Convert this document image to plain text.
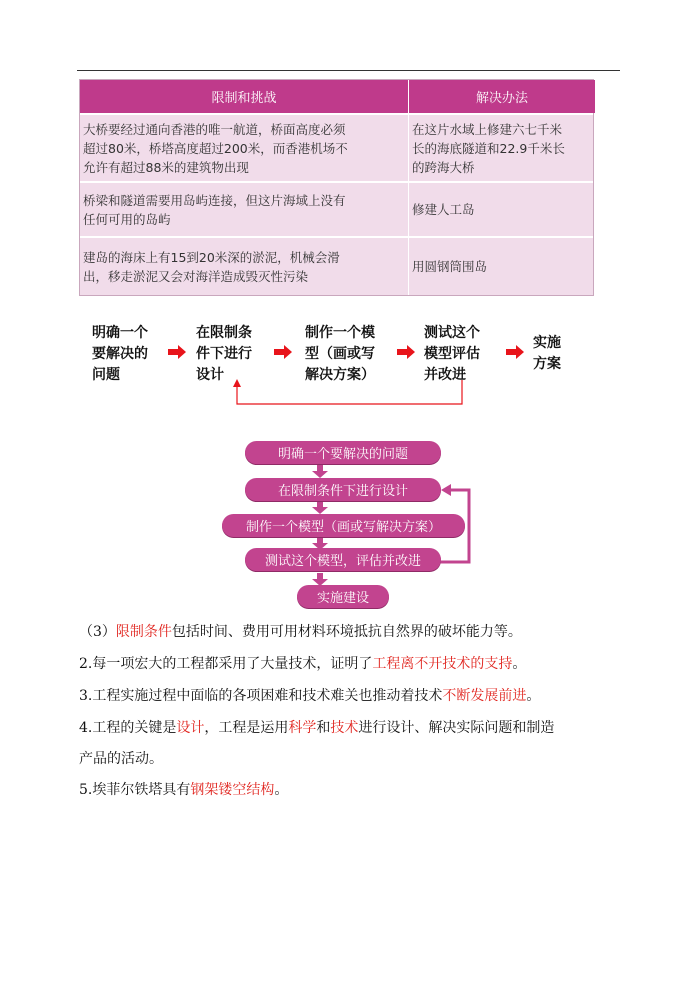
限制和挑战	解决办法
大桥要经过通向香港的唯一航道，桥面高度必须
超过80米，桥塔高度超过200米，而香港机场不
允许有超过88米的建筑物出现
在这片水域上修建六七千米
长的海底隧道和22.9千米长
的跨海大桥
桥梁和隧道需要用岛屿连接，但这片海域上没有
任何可用的岛屿
修建人工岛
建岛的海床上有15到20米深的淤泥，机械会滑
出，移走淤泥又会对海洋造成毁灭性污染
用圆钢筒围岛
明确一个
要解决的
问题
在限制条
件下进行
设计
制作一个模
型（画或写
解决方案）
测试这个
模型评估
并改进
实施
方案
明确一个要解决的问题
在限制条件下进行设计
制作一个模型（画或写解决方案）
测试这个模型，评估并改进
实施建设
（3）限制条件包括时间、费用可用材料环境抵抗自然界的破坏能力等。
2.每一项宏大的工程都采用了大量技术，证明了工程离不开技术的支持。
3.工程实施过程中面临的各项困难和技术难关也推动着技术不断发展前进。
4.工程的关键是设计，工程是运用科学和技术进行设计、解决实际问题和制造
产品的活动。
5.埃菲尔铁塔具有钢架镂空结构。
